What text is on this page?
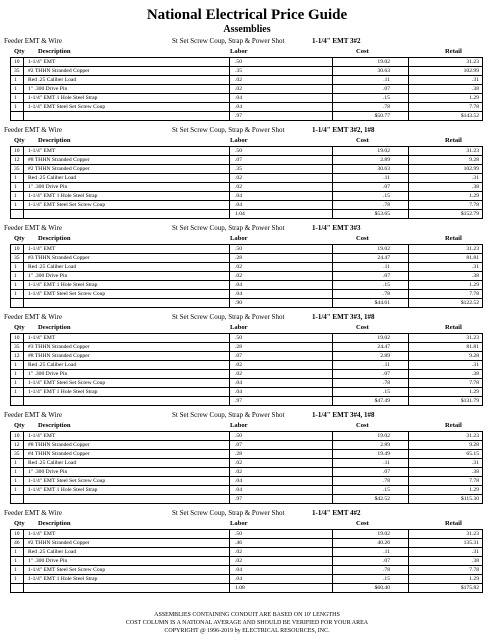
National Electrical Price Guide
Assemblies
Feeder EMT & Wire	St Set Screw Coup, Strap & Power Shot	1-1/4" EMT 3#2
Qty Description	Labor	Cost	Retail
10 1-1/4" EMT	.50	19.02	31.23
35 #2 THHN Stranded Copper	.35	30.63	102.99
1 Red .25 Caliber Load	.02	.11	.31
1 1" .300 Drive Pin	.02	.07	.38
1 1-1/4" EMT 1 Hole Steel Strap	.04	.15	1.29
1 1-1/4" EMT Steel Set Screw Coup	.04	.78	7.78
.97	$50.77	$143.52
Feeder EMT & Wire	St Set Screw Coup, Strap & Power Shot	1-1/4" EMT 3#2, 1#8
Qty Description	Labor	Cost	Retail
10 1-1/4" EMT	.50	19.02	31.23
12 #8 THHN Stranded Copper	.07	2.89	9.28
35 #2 THHN Stranded Copper	.35	30.63	102.99
1 Red .25 Caliber Load	.02	.11	.31
1 1" .300 Drive Pin	.02	.07	.38
1 1-1/4" EMT 1 Hole Steel Strap	.04	.15	1.29
1 1-1/4" EMT Steel Set Screw Coup	.04	.78	7.78
1.04	$53.65	$152.79
Feeder EMT & Wire	St Set Screw Coup, Strap & Power Shot	1-1/4" EMT 3#3
Qty Description	Labor	Cost	Retail
10 1-1/4" EMT	.50	19.02	31.23
35 #3 THHN Stranded Copper	.28	24.47	81.81
1 Red .25 Caliber Load	.02	.11	.31
1 1" .300 Drive Pin	.02	.07	.38
1 1-1/4" EMT 1 Hole Steel Strap	.04	.15	1.29
1 1-1/4" EMT Steel Set Screw Coup	.04	.78	7.78
.90	$44.61	$122.52
Feeder EMT & Wire	St Set Screw Coup, Strap & Power Shot	1-1/4" EMT 3#3, 1#8
Qty Description	Labor	Cost	Retail
10 1-1/4" EMT	.50	19.02	31.23
35 #3 THHN Stranded Copper	.28	24.47	81.81
12 #8 THHN Stranded Copper	.07	2.89	9.28
1 Red .25 Caliber Load	.02	.11	.31
1 1" .300 Drive Pin	.02	.07	.38
1 1-1/4" EMT Steel Set Screw Coup	.04	.78	7.78
1 1-1/4" EMT 1 Hole Steel Strap	.04	.15	1.29
.97	$47.49	$131.79
Feeder EMT & Wire	St Set Screw Coup, Strap & Power Shot	1-1/4" EMT 3#4, 1#8
Qty Description	Labor	Cost	Retail
10 1-1/4" EMT	.50	19.02	31.23
12 #8 THHN Stranded Copper	.07	2.89	9.28
35 #4 THHN Stranded Copper	.28	19.49	65.15
1 Red .25 Caliber Load	.02	.11	.31
1 1" .300 Drive Pin	.02	.07	.38
1 1-1/4" EMT Steel Set Screw Coup	.04	.78	7.78
1 1-1/4" EMT 1 Hole Steel Strap	.04	.15	1.29
.97	$42.52	$115.30
Feeder EMT & Wire	St Set Screw Coup, Strap & Power Shot	1-1/4" EMT 4#2
Qty Description	Labor	Cost	Retail
10 1-1/4" EMT	.50	19.02	31.23
46 #2 THHN Stranded Copper	.46	40.26	135.31
1 Red .25 Caliber Load	.02	.11	.31
1 1" .300 Drive Pin	.02	.07	.38
1 1-1/4" EMT Steel Set Screw Coup	.04	.78	7.78
1 1-1/4" EMT 1 Hole Steel Strap	.04	.15	1.29
1.08	$60.40	$175.82
ASSEMBLIES CONTAINING CONDUIT ARE BASED ON 10' LENGTHS
COST COLUMN IS A NATIONAL AVERAGE AND SHOULD BE VERIFIED FOR YOUR AREA
COPYRIGHT @ 1996-2019 by ELECTRICAL RESOURCES, INC.
